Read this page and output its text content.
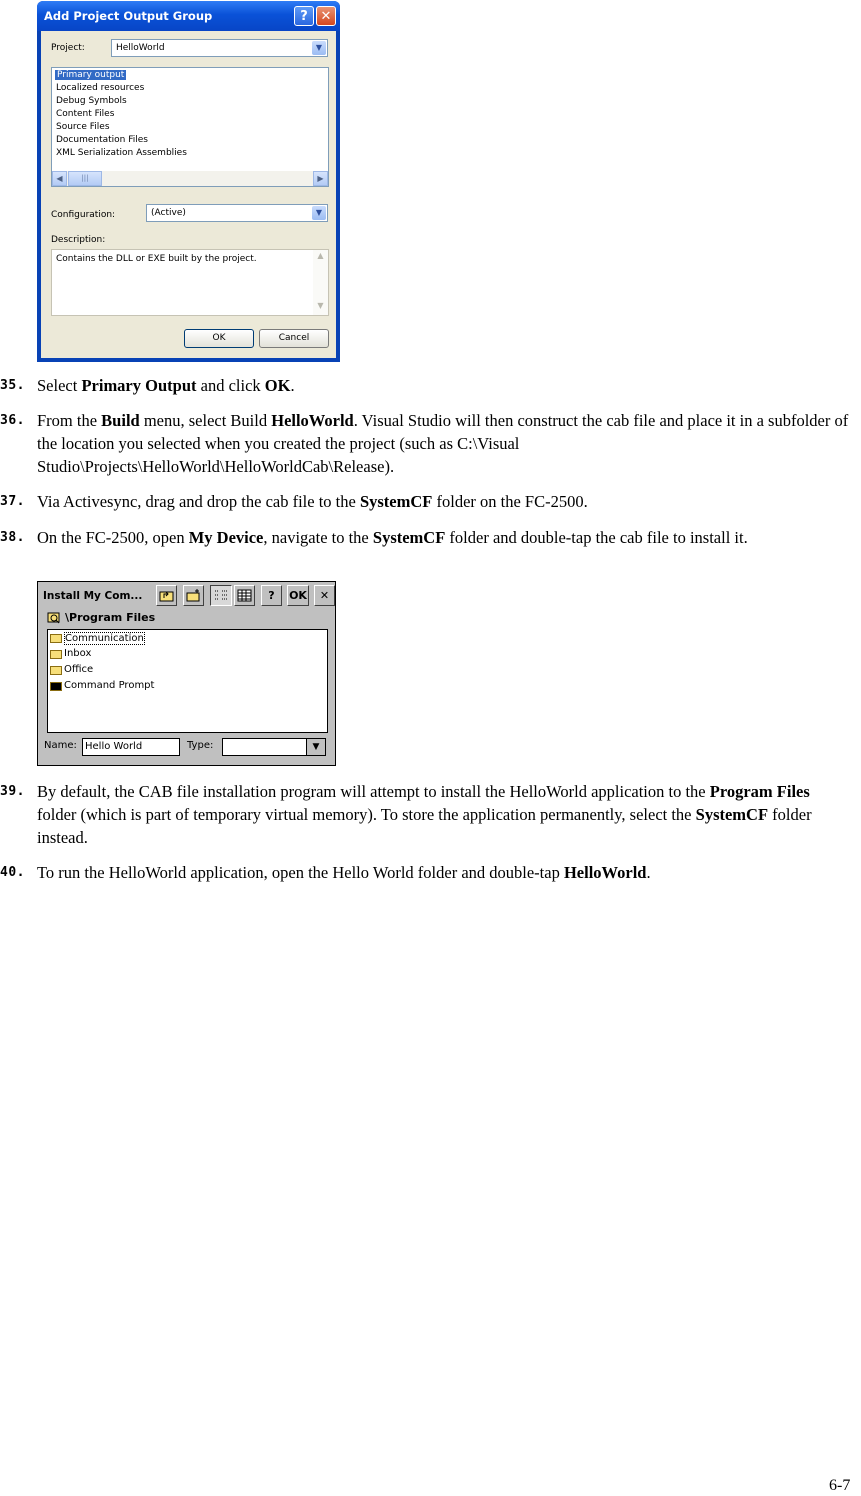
Add Project Output Group	? ✕
Project:	HelloWorld	▼
Primary output
Localized resources
Debug Symbols
Content Files
Source Files
Documentation Files
XML Serialization Assemblies
◀	|||	▶
Configuration:	(Active)	▼
Description:
Contains the DLL or EXE built by the project.	▲
▼
OK	Cancel
35. Select Primary Output and click OK.
36. From the Build menu, select Build HelloWorld. Visual Studio will then construct the cab file and place it in a subfolder of the location you selected when you created the project (such as C:\Visual Studio\Projects\HelloWorld\HelloWorldCab\Release).
37. Via Activesync, drag and drop the cab file to the SystemCF folder on the FC-2500.
38. On the FC-2500, open My Device, navigate to the SystemCF folder and double-tap the cab file to install it.
Install My Com...	?	OK	✕
\Program Files
Communication
Inbox
Office
Command Prompt
Name: Hello World	Type:	▼
39. By default, the CAB file installation program will attempt to install the HelloWorld application to the Program Files folder (which is part of temporary virtual memory). To store the application permanently, select the SystemCF folder instead.
40. To run the HelloWorld application, open the Hello World folder and double-tap HelloWorld.
6-7
